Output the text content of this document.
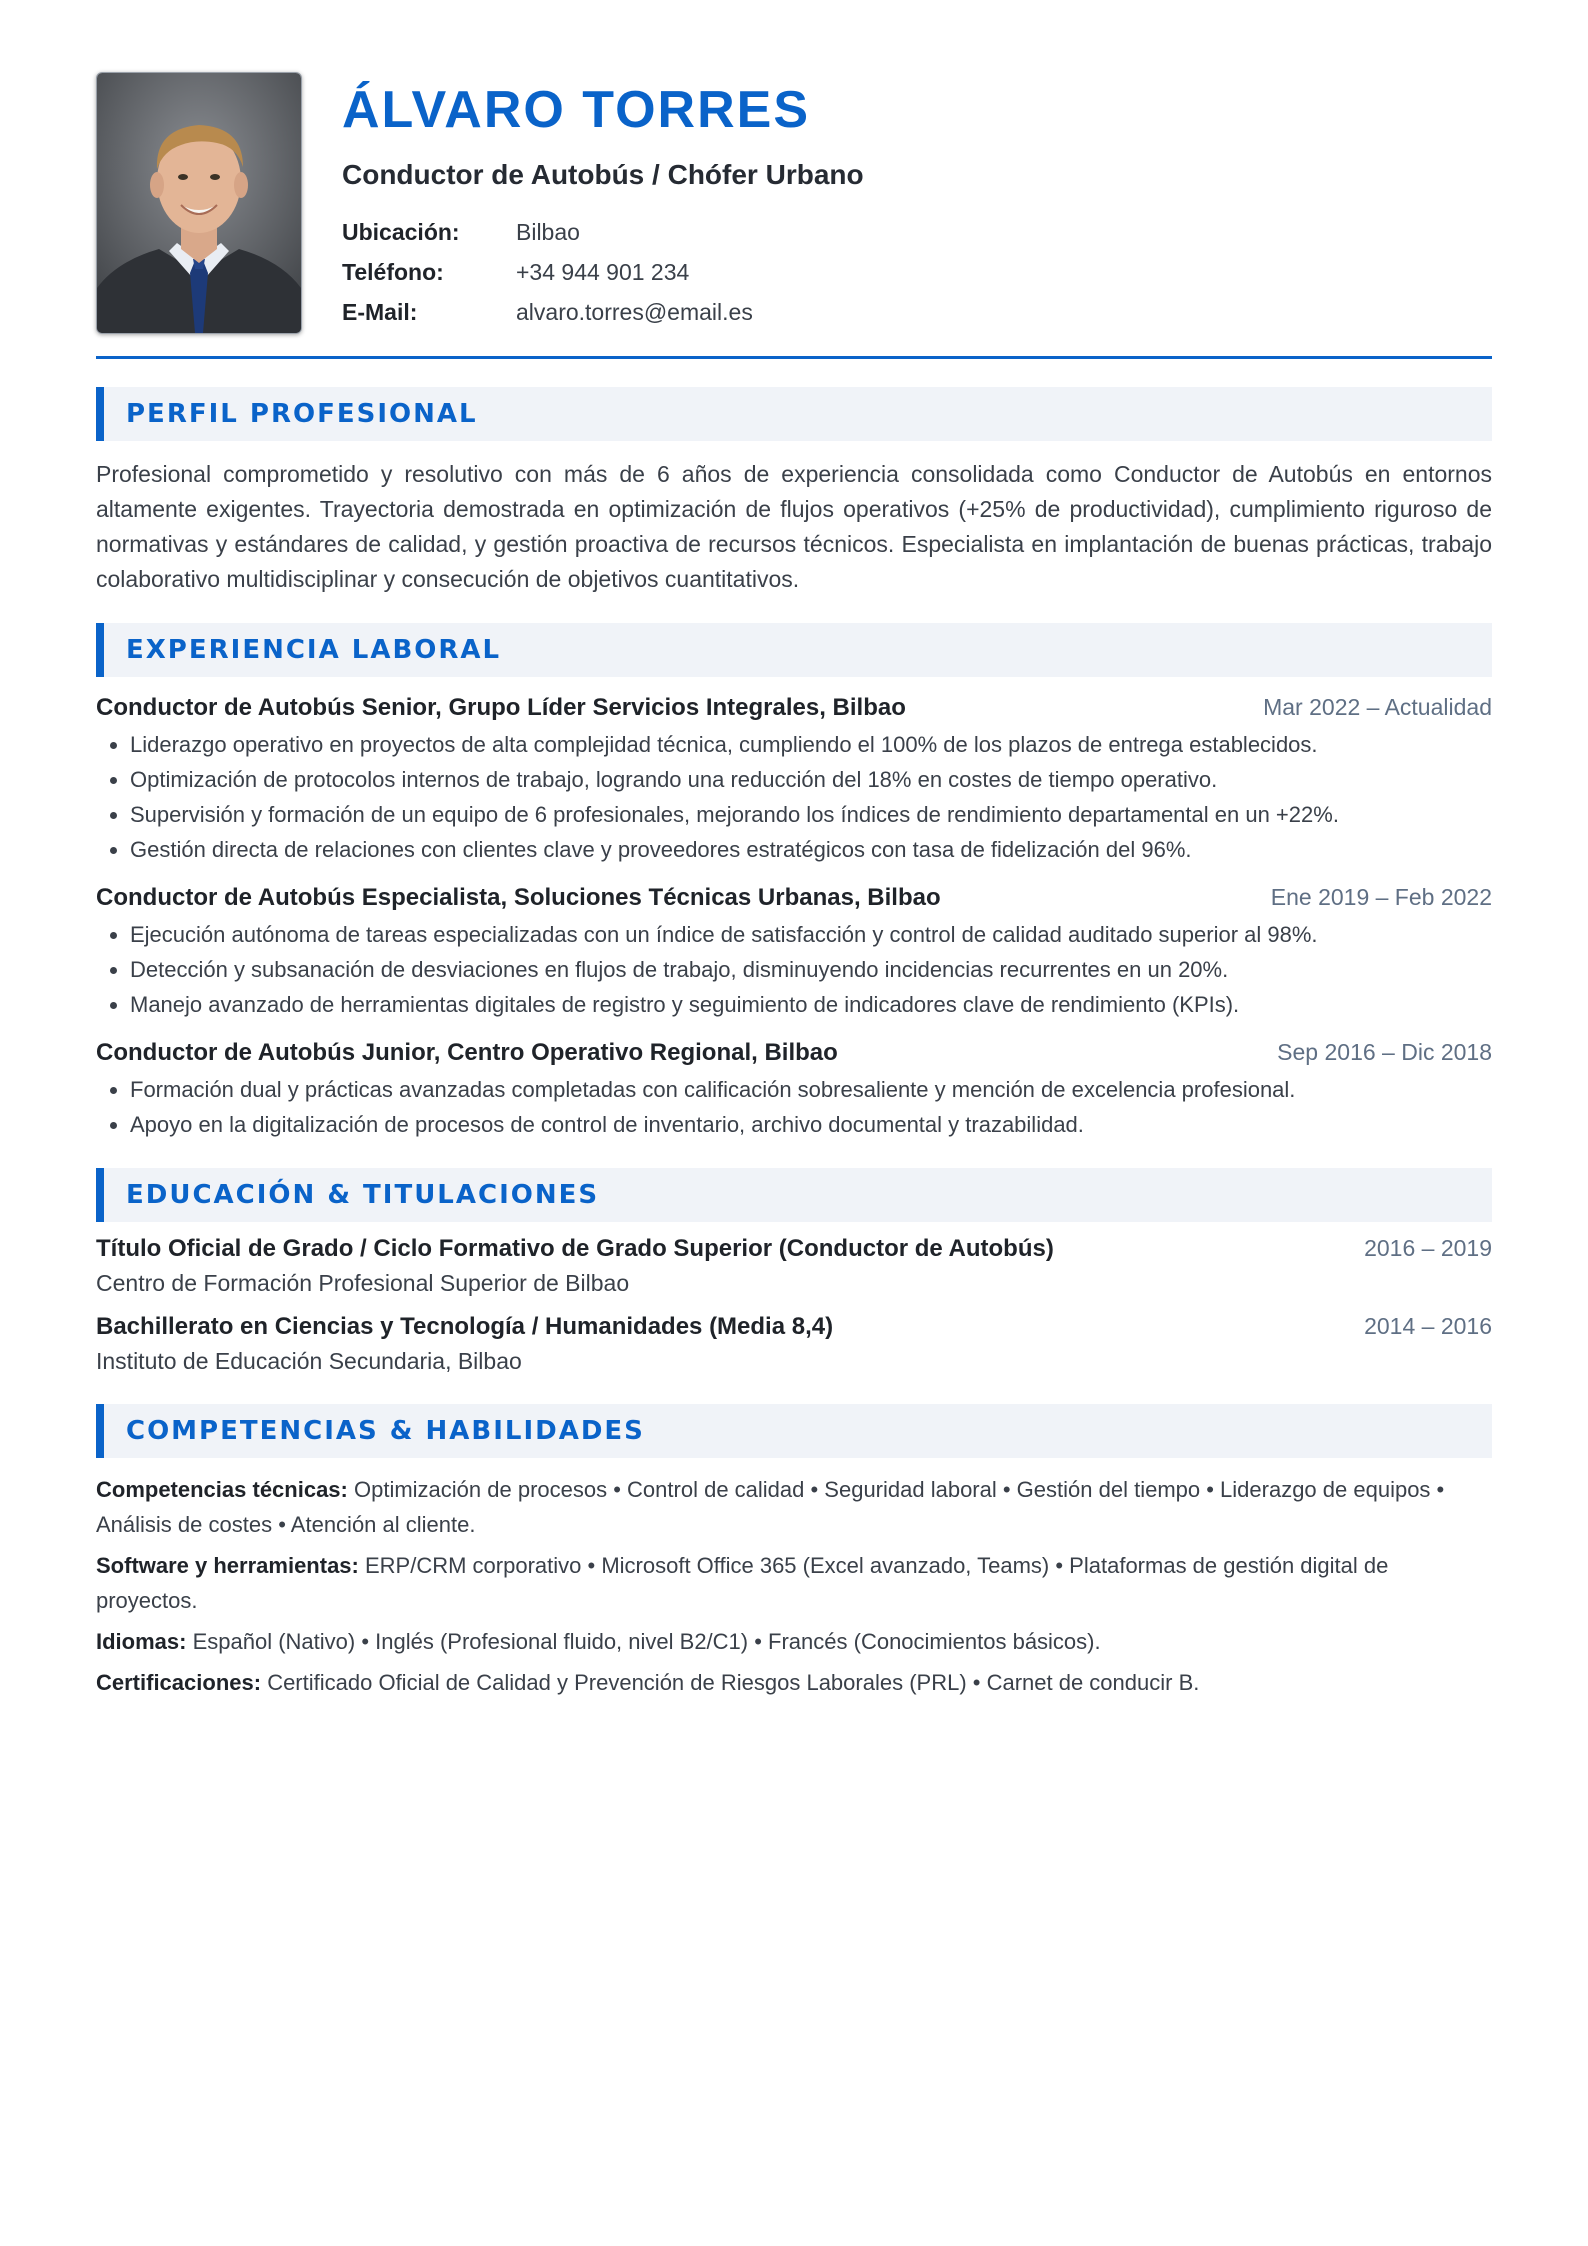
ÁLVARO TORRES
Conductor de Autobús / Chófer Urbano
Ubicación:	Bilbao
Teléfono:	+34 944 901 234
E-Mail:	alvaro.torres@email.es
PERFIL PROFESIONAL

Profesional comprometido y resolutivo con más de 6 años de experiencia consolidada como Conductor de Autobús en entornos altamente exigentes. Trayectoria demostrada en optimización de flujos operativos (+25% de productividad), cumplimiento riguroso de normativas y estándares de calidad, y gestión proactiva de recursos técnicos. Especialista en implantación de buenas prácticas, trabajo colaborativo multidisciplinar y consecución de objetivos cuantitativos.

EXPERIENCIA LABORAL
Conductor de Autobús Senior, Grupo Líder Servicios Integrales, Bilbao	Mar 2022 – Actualidad
• Liderazgo operativo en proyectos de alta complejidad técnica, cumpliendo el 100% de los plazos de entrega establecidos.
• Optimización de protocolos internos de trabajo, logrando una reducción del 18% en costes de tiempo operativo.
• Supervisión y formación de un equipo de 6 profesionales, mejorando los índices de rendimiento departamental en un +22%.
• Gestión directa de relaciones con clientes clave y proveedores estratégicos con tasa de fidelización del 96%.
Conductor de Autobús Especialista, Soluciones Técnicas Urbanas, Bilbao	Ene 2019 – Feb 2022
• Ejecución autónoma de tareas especializadas con un índice de satisfacción y control de calidad auditado superior al 98%.
• Detección y subsanación de desviaciones en flujos de trabajo, disminuyendo incidencias recurrentes en un 20%.
• Manejo avanzado de herramientas digitales de registro y seguimiento de indicadores clave de rendimiento (KPIs).
Conductor de Autobús Junior, Centro Operativo Regional, Bilbao	Sep 2016 – Dic 2018
• Formación dual y prácticas avanzadas completadas con calificación sobresaliente y mención de excelencia profesional.
• Apoyo en la digitalización de procesos de control de inventario, archivo documental y trazabilidad.
EDUCACIÓN & TITULACIONES
Título Oficial de Grado / Ciclo Formativo de Grado Superior (Conductor de Autobús)	2016 – 2019
Centro de Formación Profesional Superior de Bilbao
Bachillerato en Ciencias y Tecnología / Humanidades (Media 8,4)	2014 – 2016
Instituto de Educación Secundaria, Bilbao
COMPETENCIAS & HABILIDADES
Competencias técnicas: Optimización de procesos • Control de calidad • Seguridad laboral • Gestión del tiempo • Liderazgo de equipos • Análisis de costes • Atención al cliente.
Software y herramientas: ERP/CRM corporativo • Microsoft Office 365 (Excel avanzado, Teams) • Plataformas de gestión digital de proyectos.
Idiomas: Español (Nativo) • Inglés (Profesional fluido, nivel B2/C1) • Francés (Conocimientos básicos).
Certificaciones: Certificado Oficial de Calidad y Prevención de Riesgos Laborales (PRL) • Carnet de conducir B.
